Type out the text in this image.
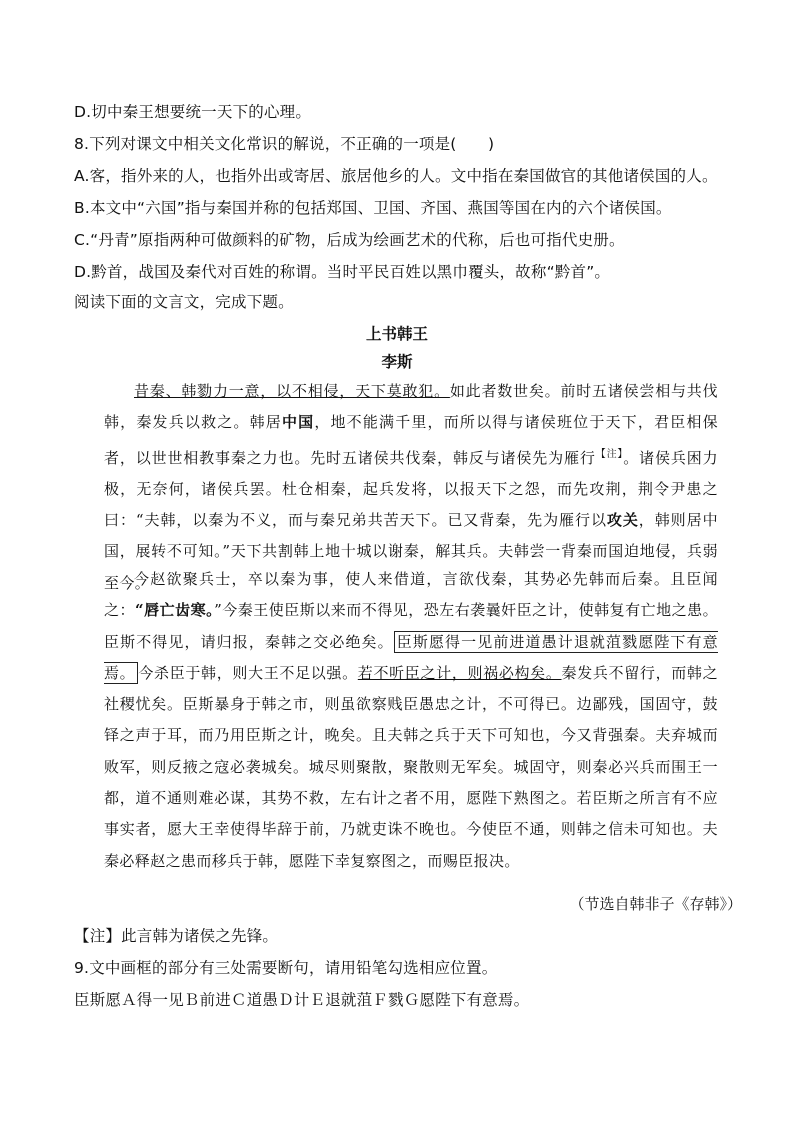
D.切中秦王想要统一天下的心理。
8.下列对课文中相关文化常识的解说，不正确的一项是(　　)
A.客，指外来的人，也指外出或寄居、旅居他乡的人。文中指在秦国做官的其他诸侯国的人。
B.本文中“六国”指与秦国并称的包括郑国、卫国、齐国、燕国等国在内的六个诸侯国。
C.“丹青”原指两种可做颜料的矿物，后成为绘画艺术的代称，后也可指代史册。
D.黔首，战国及秦代对百姓的称谓。当时平民百姓以黑巾覆头，故称“黔首”。
阅读下面的文言文，完成下题。
上书韩王
李斯
昔秦、韩勠力一意，以不相侵，天下莫敢犯。如此者数世矣。前时五诸侯尝相与共伐韩，秦发兵以救之。韩居中国，地不能满千里，而所以得与诸侯班位于天下，君臣相保者，以世世相教事秦之力也。先时五诸侯共伐秦，韩反与诸侯先为雁行$^{【注】}$。诸侯兵困力极，无奈何，诸侯兵罢。杜仓相秦，起兵发将，以报天下之怨，而先攻荆，荆令尹患之曰：“夫韩，以秦为不义，而与秦兄弟共苦天下。已又背秦，先为雁行以攻关，韩则居中国，展转不可知。”天下共割韩上地十城以谢秦，解其兵。夫韩尝一背秦而国迫地侵，兵弱至今。
今赵欲聚兵士，卒以秦为事，使人来借道，言欲伐秦，其势必先韩而后秦。且臣闻之：“唇亡齿寒。”今秦王使臣斯以来而不得见，恐左右袭曩奸臣之计，使韩复有亡地之患。臣斯不得见，请归报，秦韩之交必绝矣。 臣斯愿得一见前进道愚计退就菹戮愿陛下有意焉。 今杀臣于韩，则大王不足以强。若不听臣之计，则祸必构矣。秦发兵不留行，而韩之社稷忧矣。臣斯暴身于韩之市，则虽欲察贱臣愚忠之计，不可得已。边鄙残，国固守，鼓铎之声于耳，而乃用臣斯之计，晚矣。且夫韩之兵于天下可知也，今又背强秦。夫弃城而败军，则反掖之寇必袭城矣。城尽则聚散，聚散则无军矣。城固守，则秦必兴兵而围王一都，道不通则难必谋，其势不救，左右计之者不用，愿陛下熟图之。若臣斯之所言有不应事实者，愿大王幸使得毕辞于前，乃就吏诛不晚也。今使臣不通，则韩之信未可知也。夫秦必释赵之患而移兵于韩，愿陛下幸复察图之，而赐臣报决。
（节选自韩非子《存韩》）
【注】此言韩为诸侯之先锋。
9.文中画框的部分有三处需要断句，请用铅笔勾选相应位置。
臣斯愿Ａ得一见Ｂ前进Ｃ道愚Ｄ计Ｅ退就菹Ｆ戮Ｇ愿陛下有意焉。
